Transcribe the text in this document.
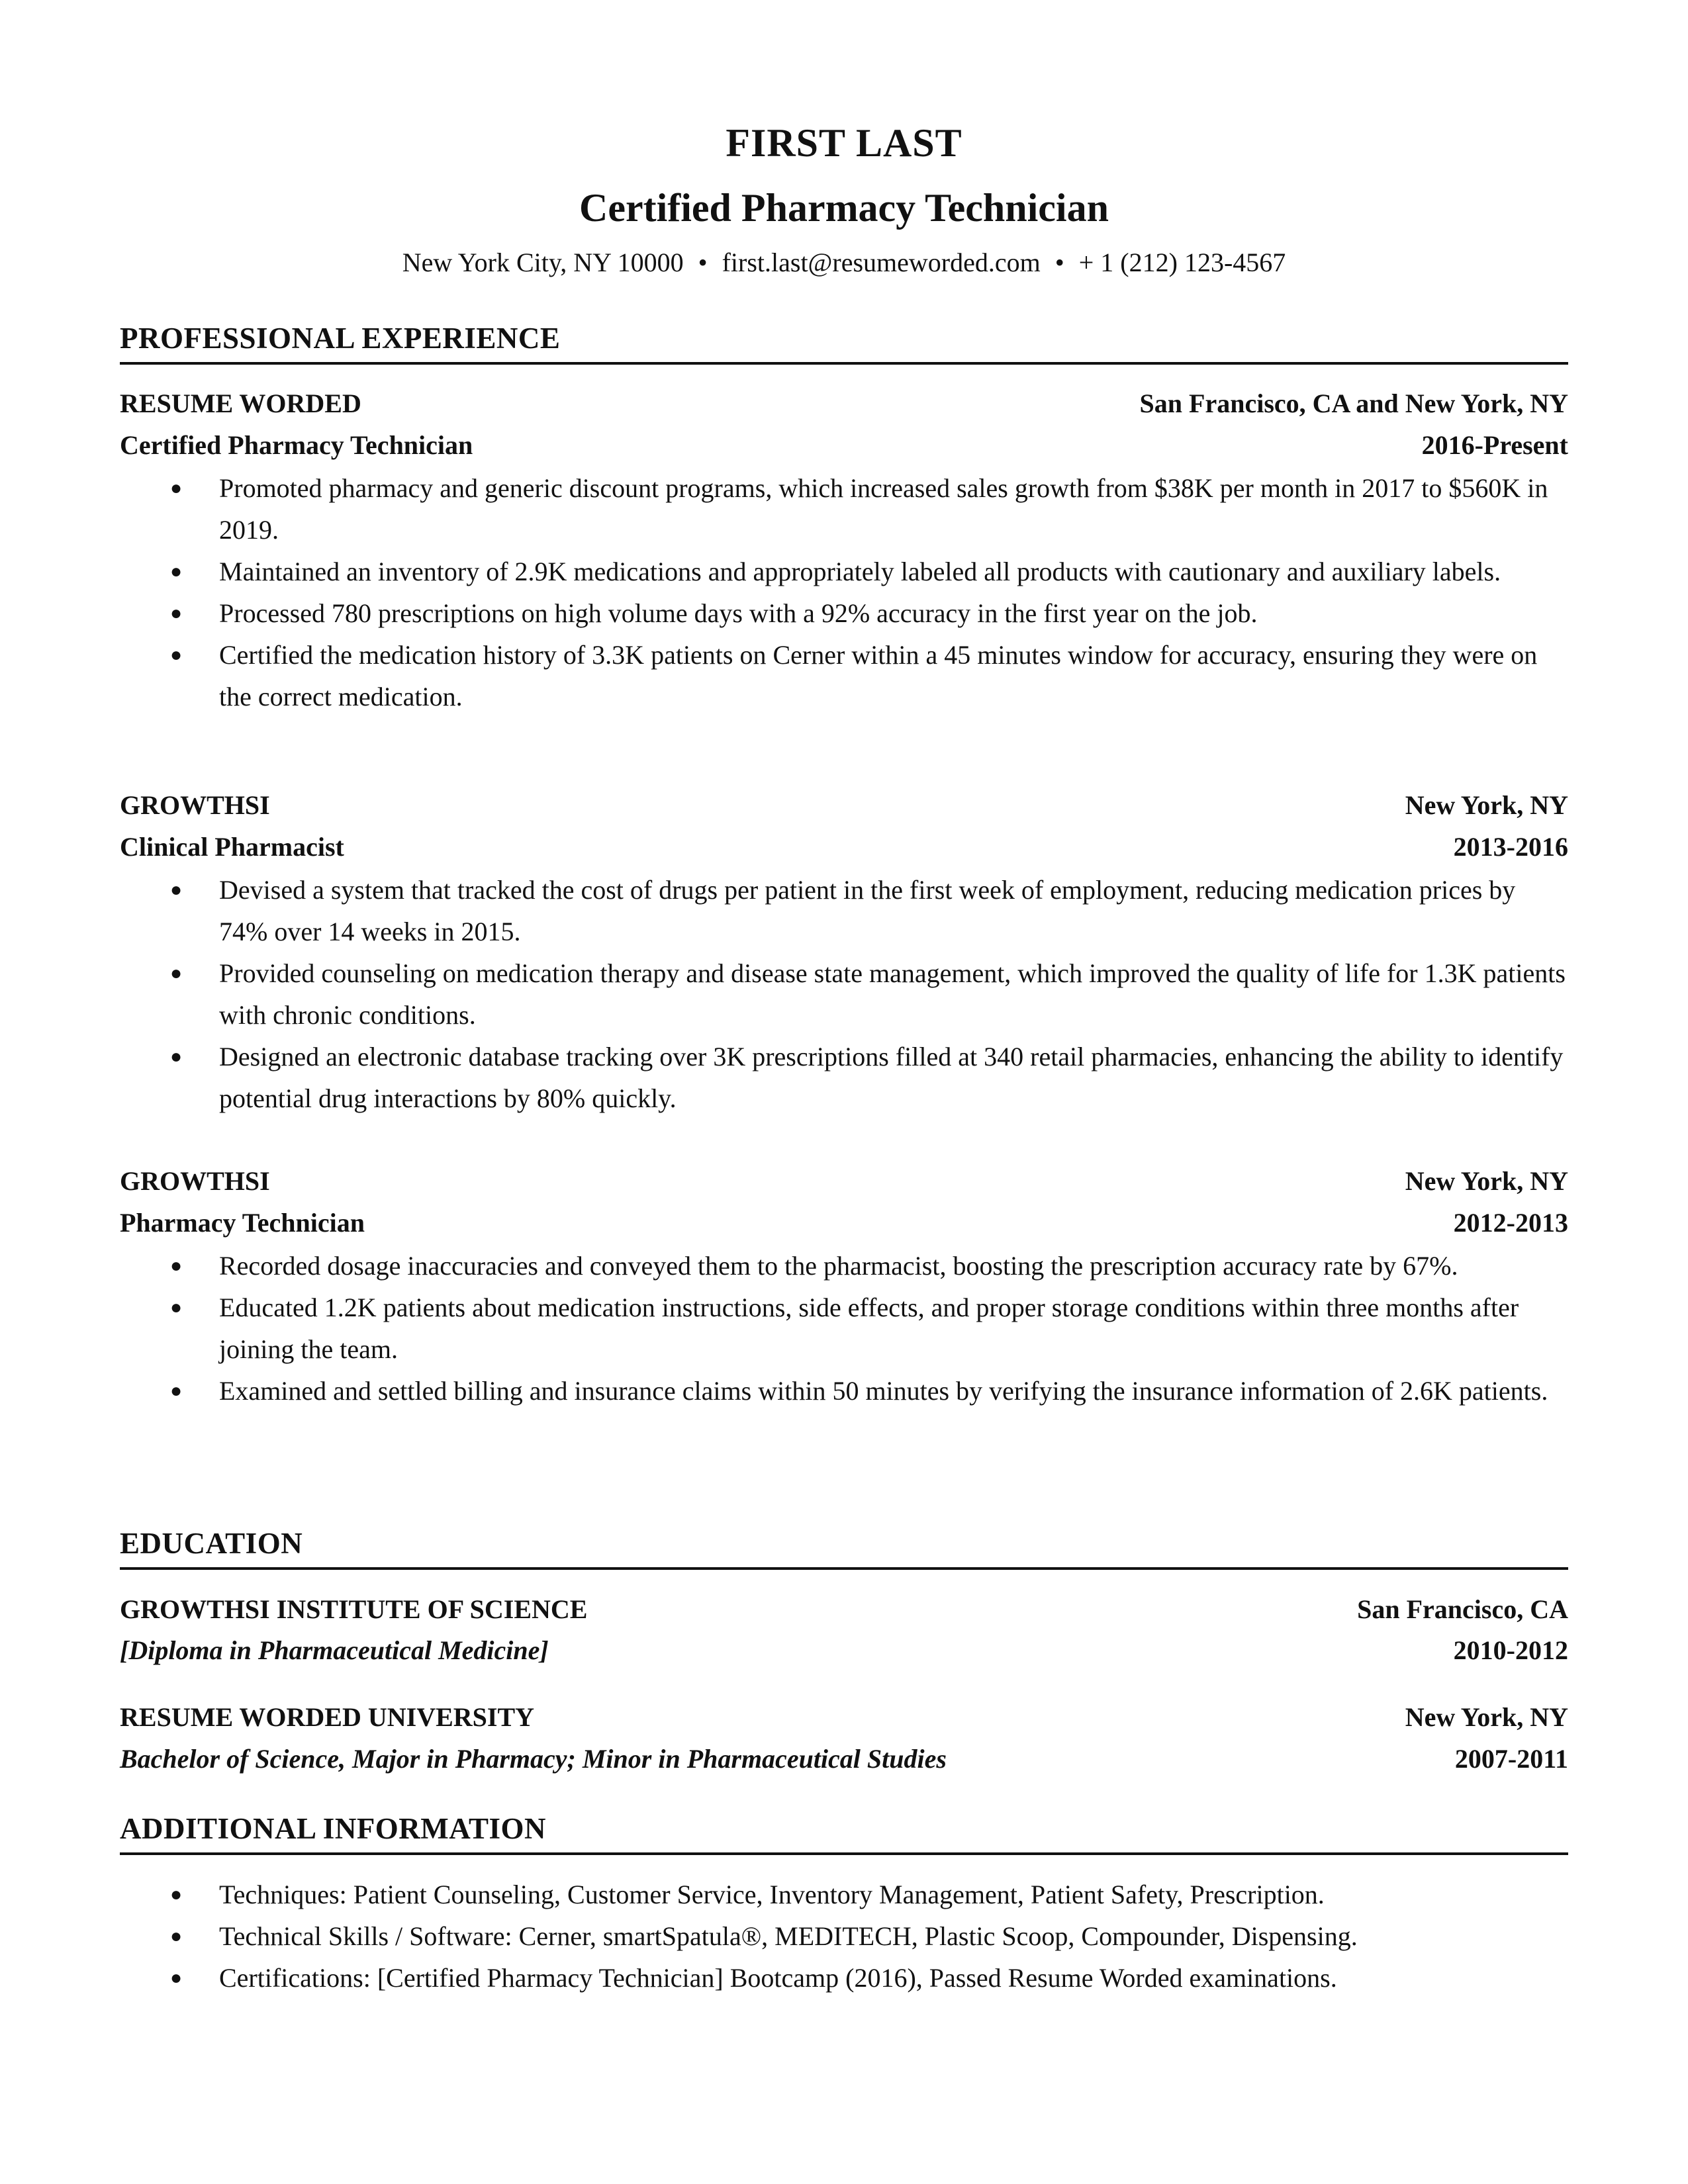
FIRST LAST
Certified Pharmacy Technician
New York City, NY 10000 • first.last@resumeworded.com • + 1 (212) 123-4567
PROFESSIONAL EXPERIENCE
RESUME WORDED	San Francisco, CA and New York, NY
Certified Pharmacy Technician	2016-Present
● Promoted pharmacy and generic discount programs, which increased sales growth from $38K per month in 2017 to $560K in 2019.
● Maintained an inventory of 2.9K medications and appropriately labeled all products with cautionary and auxiliary labels.
● Processed 780 prescriptions on high volume days with a 92% accuracy in the first year on the job.
● Certified the medication history of 3.3K patients on Cerner within a 45 minutes window for accuracy, ensuring they were on the correct medication.
GROWTHSI	New York, NY
Clinical Pharmacist	2013-2016
● Devised a system that tracked the cost of drugs per patient in the first week of employment, reducing medication prices by 74% over 14 weeks in 2015.
● Provided counseling on medication therapy and disease state management, which improved the quality of life for 1.3K patients with chronic conditions.
● Designed an electronic database tracking over 3K prescriptions filled at 340 retail pharmacies, enhancing the ability to identify potential drug interactions by 80% quickly.
GROWTHSI	New York, NY
Pharmacy Technician	2012-2013
● Recorded dosage inaccuracies and conveyed them to the pharmacist, boosting the prescription accuracy rate by 67%.
● Educated 1.2K patients about medication instructions, side effects, and proper storage conditions within three months after joining the team.
● Examined and settled billing and insurance claims within 50 minutes by verifying the insurance information of 2.6K patients.
EDUCATION
GROWTHSI INSTITUTE OF SCIENCE	San Francisco, CA
[Diploma in Pharmaceutical Medicine]	2010-2012
RESUME WORDED UNIVERSITY	New York, NY
Bachelor of Science, Major in Pharmacy; Minor in Pharmaceutical Studies	2007-2011
ADDITIONAL INFORMATION
● Techniques: Patient Counseling, Customer Service, Inventory Management, Patient Safety, Prescription.
● Technical Skills / Software: Cerner, smartSpatula®, MEDITECH, Plastic Scoop, Compounder, Dispensing.
● Certifications: [Certified Pharmacy Technician] Bootcamp (2016), Passed Resume Worded examinations.
